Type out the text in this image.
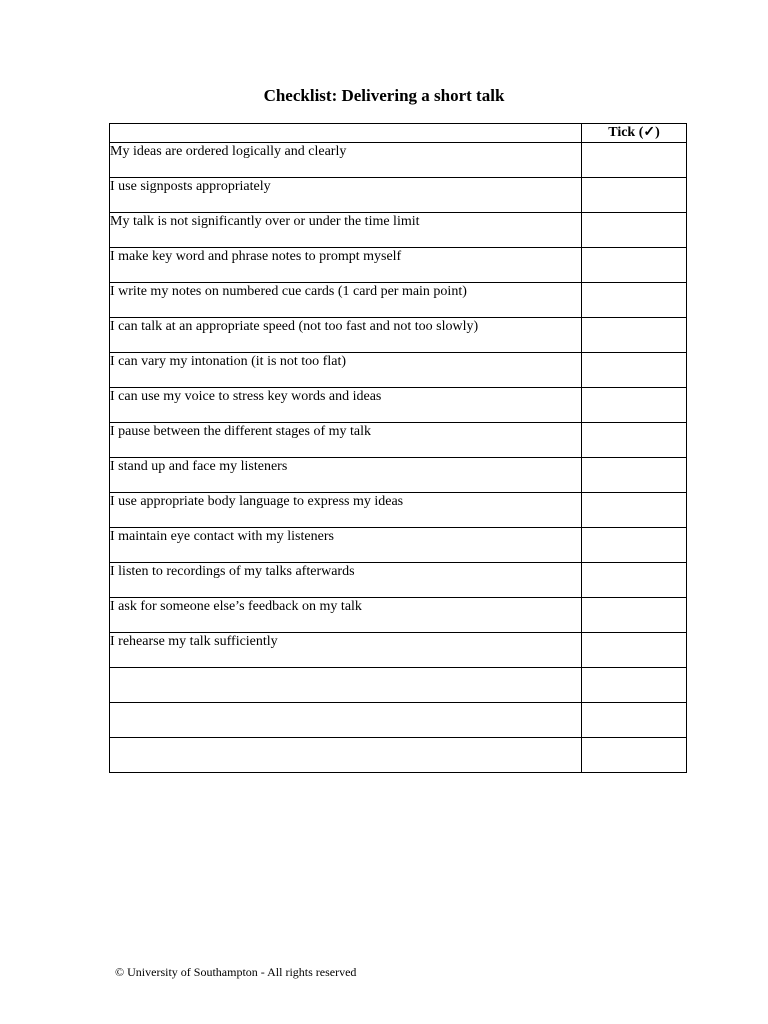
Checklist: Delivering a short talk
	Tick (✓)
My ideas are ordered logically and clearly	
I use signposts appropriately	
My talk is not significantly over or under the time limit	
I make key word and phrase notes to prompt myself	
I write my notes on numbered cue cards (1 card per main point)	
I can talk at an appropriate speed (not too fast and not too slowly)	
I can vary my intonation (it is not too flat)	
I can use my voice to stress key words and ideas	
I pause between the different stages of my talk	
I stand up and face my listeners	
I use appropriate body language to express my ideas	
I maintain eye contact with my listeners	
I listen to recordings of my talks afterwards	
I ask for someone else’s feedback on my talk	
I rehearse my talk sufficiently	

© University of Southampton - All rights reserved
